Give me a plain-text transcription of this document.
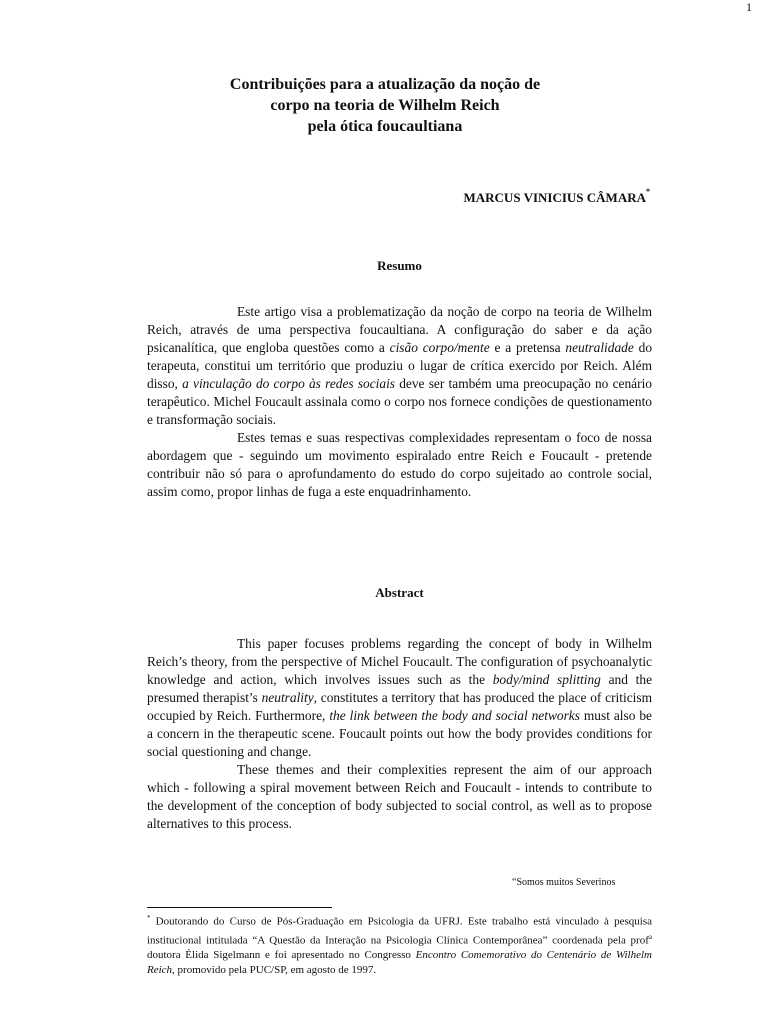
1
Contribuições para a atualização da noção de
corpo na teoria de Wilhelm Reich
pela ótica foucaultiana
MARCUS VINICIUS CÂMARA*
Resumo

Este artigo visa a problematização da noção de corpo na teoria de Wilhelm Reich, através de uma perspectiva foucaultiana. A configuração do saber e da ação psicanalítica, que engloba questões como a cisão corpo/mente e a pretensa neutralidade do terapeuta, constitui um território que produziu o lugar de crítica exercido por Reich. Além disso, a vinculação do corpo às redes sociais deve ser também uma preocupação no cenário terapêutico. Michel Foucault assinala como o corpo nos fornece condições de questionamento e transformação sociais.

Estes temas e suas respectivas complexidades representam o foco de nossa abordagem que - seguindo um movimento espiralado entre Reich e Foucault - pretende contribuir não só para o aprofundamento do estudo do corpo sujeitado ao controle social, assim como, propor linhas de fuga a este enquadrinhamento.

Abstract

This paper focuses problems regarding the concept of body in Wilhelm Reich’s theory, from the perspective of Michel Foucault. The configuration of psychoanalytic knowledge and action, which involves issues such as the body/mind splitting and the presumed therapist’s neutrality, constitutes a territory that has produced the place of criticism occupied by Reich. Furthermore, the link between the body and social networks must also be a concern in the therapeutic scene. Foucault points out how the body provides conditions for social questioning and change.

These themes and their complexities represent the aim of our approach which - following a spiral movement between Reich and Foucault - intends to contribute to the development of the conception of body subjected to social control, as well as to propose alternatives to this process.

“Somos muitos Severinos
* Doutorando do Curso de Pós-Graduação em Psicologia da UFRJ. Este trabalho está vinculado à pesquisa institucional intitulada “A Questão da Interação na Psicologia Clínica Contemporânea” coordenada pela prof$^a$ doutora Élida Sigelmann e foi apresentado no Congresso Encontro Comemorativo do Centenário de Wilhelm Reich, promovido pela PUC/SP, em agosto de 1997.
